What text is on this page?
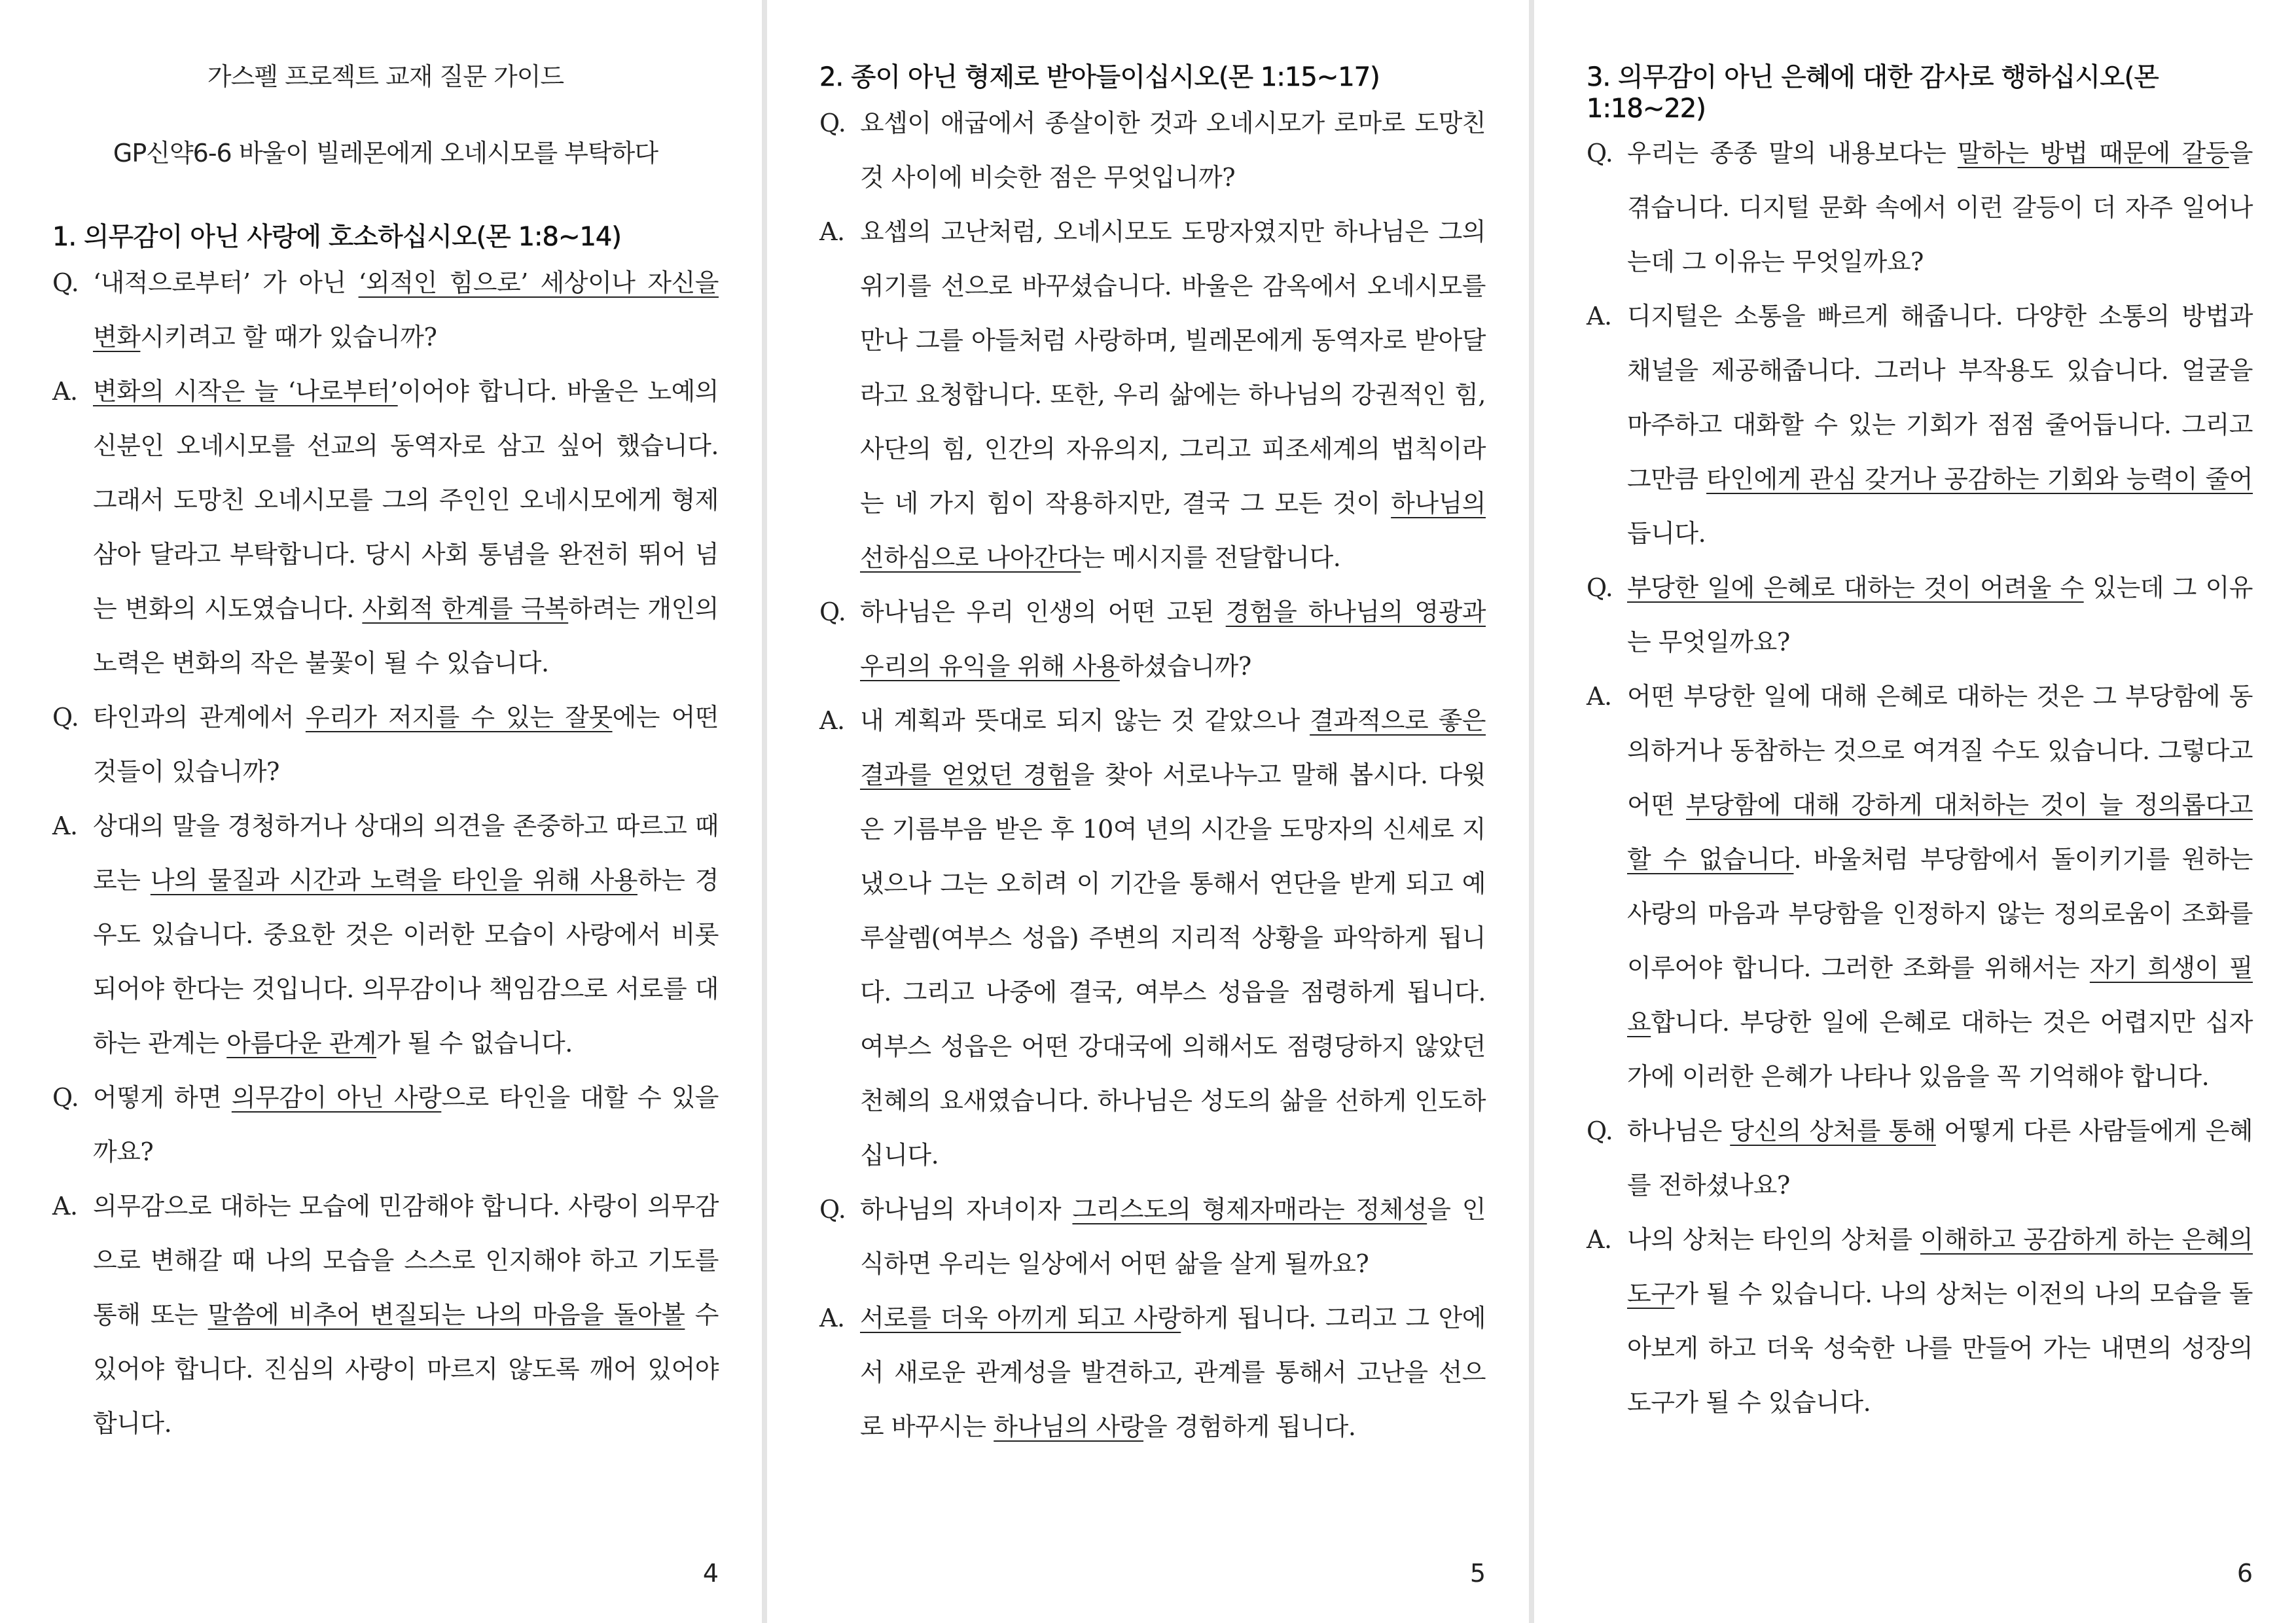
가스펠 프로젝트 교재 질문 가이드

GP신약6-6 바울이 빌레몬에게 오네시모를 부탁하다

1. 의무감이 아닌 사랑에 호소하십시오(몬 1:8~14)
Q. ‘내적으로부터’ 가 아닌 ‘외적인 힘으로’ 세상이나 자신을 변화시키려고 할 때가 있습니까?
A. 변화의 시작은 늘 ‘나로부터’이어야 합니다. 바울은 노예의 신분인 오네시모를 선교의 동역자로 삼고 싶어 했습니다. 그래서 도망친 오네시모를 그의 주인인 오네시모에게 형제 삼아 달라고 부탁합니다. 당시 사회 통념을 완전히 뛰어 넘는 변화의 시도였습니다. 사회적 한계를 극복하려는 개인의 노력은 변화의 작은 불꽃이 될 수 있습니다.
Q. 타인과의 관계에서 우리가 저지를 수 있는 잘못에는 어떤 것들이 있습니까?
A. 상대의 말을 경청하거나 상대의 의견을 존중하고 따르고 때로는 나의 물질과 시간과 노력을 타인을 위해 사용하는 경우도 있습니다. 중요한 것은 이러한 모습이 사랑에서 비롯되어야 한다는 것입니다. 의무감이나 책임감으로 서로를 대하는 관계는 아름다운 관계가 될 수 없습니다.
Q. 어떻게 하면 의무감이 아닌 사랑으로 타인을 대할 수 있을까요?
A. 의무감으로 대하는 모습에 민감해야 합니다. 사랑이 의무감으로 변해갈 때 나의 모습을 스스로 인지해야 하고 기도를 통해 또는 말씀에 비추어 변질되는 나의 마음을 돌아볼 수 있어야 합니다. 진심의 사랑이 마르지 않도록 깨어 있어야 합니다.
4
2. 종이 아닌 형제로 받아들이십시오(몬 1:15~17)
Q. 요셉이 애굽에서 종살이한 것과 오네시모가 로마로 도망친 것 사이에 비슷한 점은 무엇입니까?
A. 요셉의 고난처럼, 오네시모도 도망자였지만 하나님은 그의 위기를 선으로 바꾸셨습니다. 바울은 감옥에서 오네시모를 만나 그를 아들처럼 사랑하며, 빌레몬에게 동역자로 받아달라고 요청합니다. 또한, 우리 삶에는 하나님의 강권적인 힘, 사단의 힘, 인간의 자유의지, 그리고 피조세계의 법칙이라는 네 가지 힘이 작용하지만, 결국 그 모든 것이 하나님의 선하심으로 나아간다는 메시지를 전달합니다.
Q. 하나님은 우리 인생의 어떤 고된 경험을 하나님의 영광과 우리의 유익을 위해 사용하셨습니까?
A. 내 계획과 뜻대로 되지 않는 것 같았으나 결과적으로 좋은 결과를 얻었던 경험을 찾아 서로나누고 말해 봅시다. 다윗은 기름부음 받은 후 10여 년의 시간을 도망자의 신세로 지냈으나 그는 오히려 이 기간을 통해서 연단을 받게 되고 예루살렘(여부스 성읍) 주변의 지리적 상황을 파악하게 됩니다. 그리고 나중에 결국, 여부스 성읍을 점령하게 됩니다. 여부스 성읍은 어떤 강대국에 의해서도 점령당하지 않았던 천혜의 요새였습니다. 하나님은 성도의 삶을 선하게 인도하십니다.
Q. 하나님의 자녀이자 그리스도의 형제자매라는 정체성을 인식하면 우리는 일상에서 어떤 삶을 살게 될까요?
A. 서로를 더욱 아끼게 되고 사랑하게 됩니다. 그리고 그 안에서 새로운 관계성을 발견하고, 관계를 통해서 고난을 선으로 바꾸시는 하나님의 사랑을 경험하게 됩니다.
5
3. 의무감이 아닌 은혜에 대한 감사로 행하십시오(몬 1:18~22)
Q. 우리는 종종 말의 내용보다는 말하는 방법 때문에 갈등을 겪습니다. 디지털 문화 속에서 이런 갈등이 더 자주 일어나는데 그 이유는 무엇일까요?
A. 디지털은 소통을 빠르게 해줍니다. 다양한 소통의 방법과 채널을 제공해줍니다. 그러나 부작용도 있습니다. 얼굴을 마주하고 대화할 수 있는 기회가 점점 줄어듭니다. 그리고 그만큼 타인에게 관심 갖거나 공감하는 기회와 능력이 줄어듭니다.
Q. 부당한 일에 은혜로 대하는 것이 어려울 수 있는데 그 이유는 무엇일까요?
A. 어떤 부당한 일에 대해 은혜로 대하는 것은 그 부당함에 동의하거나 동참하는 것으로 여겨질 수도 있습니다. 그렇다고 어떤 부당함에 대해 강하게 대처하는 것이 늘 정의롭다고 할 수 없습니다. 바울처럼 부당함에서 돌이키기를 원하는 사랑의 마음과 부당함을 인정하지 않는 정의로움이 조화를 이루어야 합니다. 그러한 조화를 위해서는 자기 희생이 필요합니다. 부당한 일에 은혜로 대하는 것은 어렵지만 십자가에 이러한 은혜가 나타나 있음을 꼭 기억해야 합니다.
Q. 하나님은 당신의 상처를 통해 어떻게 다른 사람들에게 은혜를 전하셨나요?
A. 나의 상처는 타인의 상처를 이해하고 공감하게 하는 은혜의 도구가 될 수 있습니다. 나의 상처는 이전의 나의 모습을 돌아보게 하고 더욱 성숙한 나를 만들어 가는 내면의 성장의 도구가 될 수 있습니다.
6
